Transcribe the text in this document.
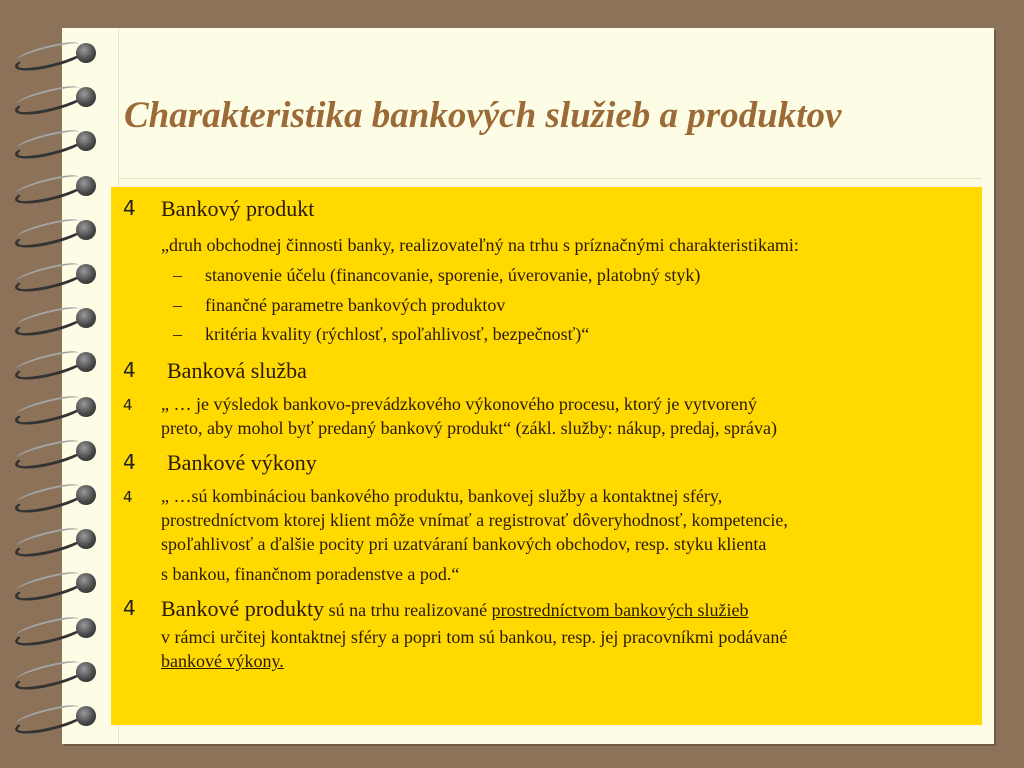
Charakteristika bankových služieb a produktov
4	Bankový produkt
„druh obchodnej činnosti banky, realizovateľný na trhu s príznačnými charakteristikami:
– stanovenie účelu (financovanie, sporenie, úverovanie, platobný styk)
– finančné parametre bankových produktov
– kritéria kvality (rýchlosť, spoľahlivosť, bezpečnosť)“
4	Banková služba
4	„ … je výsledok bankovo-prevádzkového výkonového procesu, ktorý je vytvorený
preto, aby mohol byť predaný bankový produkt“ (zákl. služby: nákup, predaj, správa)
4	Bankové výkony
4	„ …sú kombináciou bankového produktu, bankovej služby a kontaktnej sféry,
prostredníctvom ktorej klient môže vnímať a registrovať dôveryhodnosť, kompetencie,
spoľahlivosť a ďalšie pocity pri uzatváraní bankových obchodov, resp. styku klienta
s bankou, finančnom poradenstve a pod.“
4	Bankové produkty sú na trhu realizované prostredníctvom bankových služieb
v rámci určitej kontaktnej sféry a popri tom sú bankou, resp. jej pracovníkmi podávané
bankové výkony.
